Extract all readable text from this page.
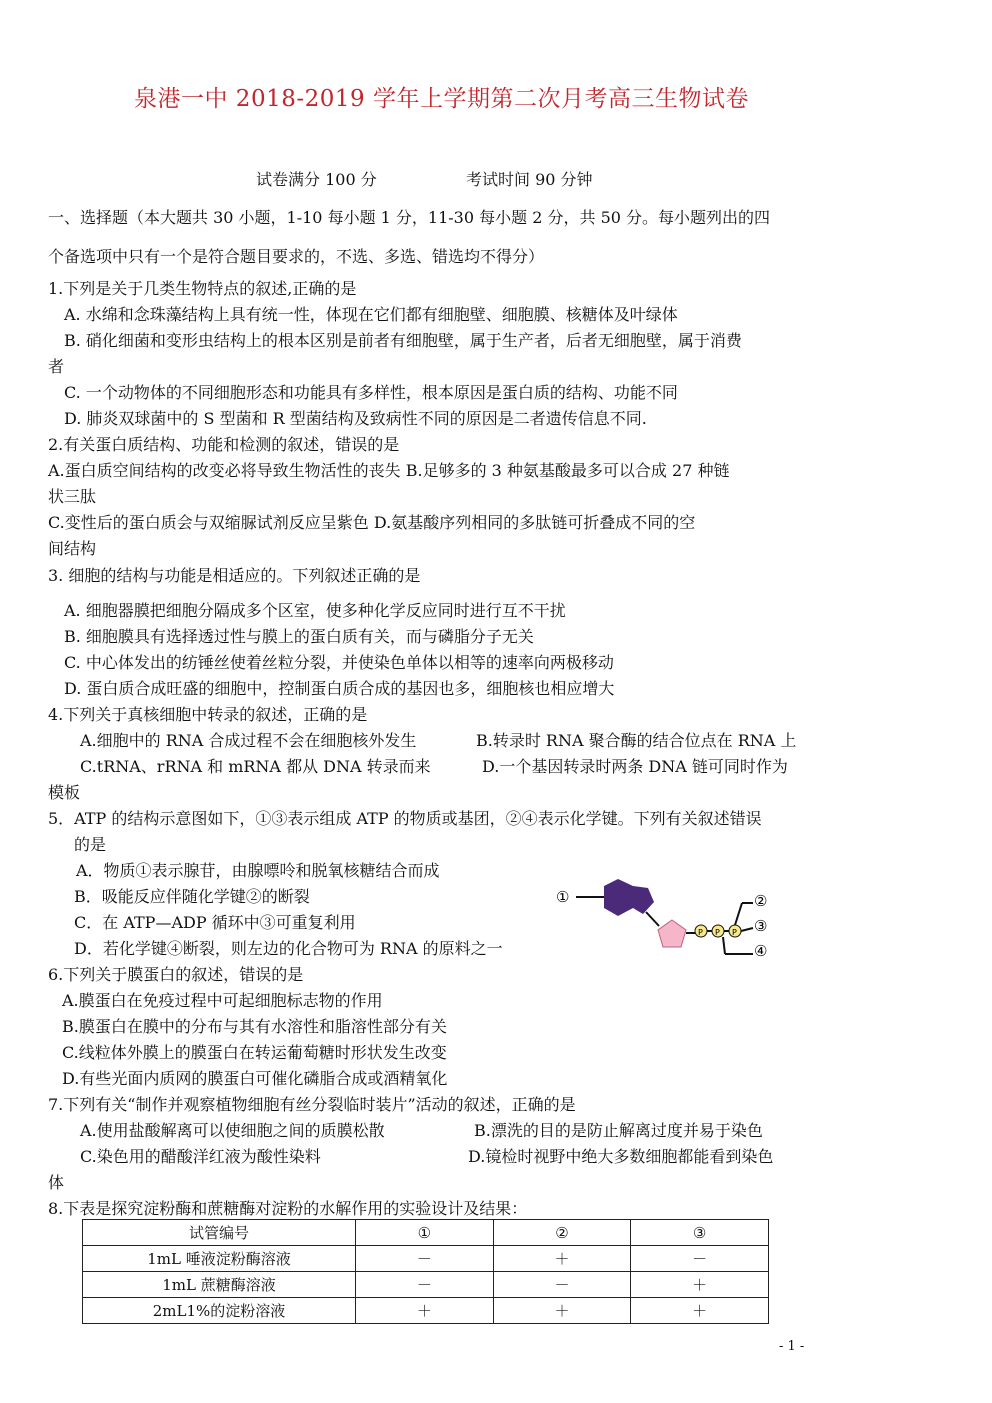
泉港一中 2018-2019 学年上学期第二次月考高三生物试卷
试卷满分 100 分	考试时间 90 分钟
一、选择题（本大题共 30 小题，1-10 每小题 1 分，11-30 每小题 2 分，共 50 分。每小题列出的四
个备选项中只有一个是符合题目要求的，不选、多选、错选均不得分）
1.下列是关于几类生物特点的叙述,正确的是
A. 水绵和念珠藻结构上具有统一性，体现在它们都有细胞壁、细胞膜、核糖体及叶绿体
B. 硝化细菌和变形虫结构上的根本区别是前者有细胞壁，属于生产者，后者无细胞壁，属于消费
者
C. 一个动物体的不同细胞形态和功能具有多样性，根本原因是蛋白质的结构、功能不同
D. 肺炎双球菌中的 S 型菌和 R 型菌结构及致病性不同的原因是二者遗传信息不同.
2.有关蛋白质结构、功能和检测的叙述，错误的是
A.蛋白质空间结构的改变必将导致生物活性的丧失 B.足够多的 3 种氨基酸最多可以合成 27 种链
状三肽
C.变性后的蛋白质会与双缩脲试剂反应呈紫色 D.氨基酸序列相同的多肽链可折叠成不同的空
间结构
3. 细胞的结构与功能是相适应的。下列叙述正确的是
A. 细胞器膜把细胞分隔成多个区室，使多种化学反应同时进行互不干扰
B. 细胞膜具有选择透过性与膜上的蛋白质有关，而与磷脂分子无关
C. 中心体发出的纺锤丝使着丝粒分裂，并使染色单体以相等的速率向两极移动
D. 蛋白质合成旺盛的细胞中，控制蛋白质合成的基因也多，细胞核也相应增大
4.下列关于真核细胞中转录的叙述，正确的是
A.细胞中的 RNA 合成过程不会在细胞核外发生	B.转录时 RNA 聚合酶的结合位点在 RNA 上
C.tRNA、rRNA 和 mRNA 都从 DNA 转录而来	D.一个基因转录时两条 DNA 链可同时作为
模板
5．ATP 的结构示意图如下，①③表示组成 ATP 的物质或基团，②④表示化学键。下列有关叙述错误
的是
A．物质①表示腺苷，由腺嘌呤和脱氧核糖结合而成
B．吸能反应伴随化学键②的断裂
C．在 ATP—ADP 循环中③可重复利用
D．若化学键④断裂，则左边的化合物可为 RNA 的原料之一
①
P P P
②
③
④
6.下列关于膜蛋白的叙述，错误的是
A.膜蛋白在免疫过程中可起细胞标志物的作用
B.膜蛋白在膜中的分布与其有水溶性和脂溶性部分有关
C.线粒体外膜上的膜蛋白在转运葡萄糖时形状发生改变
D.有些光面内质网的膜蛋白可催化磷脂合成或酒精氧化
7.下列有关“制作并观察植物细胞有丝分裂临时装片”活动的叙述，正确的是
A.使用盐酸解离可以使细胞之间的质膜松散	B.漂洗的目的是防止解离过度并易于染色
C.染色用的醋酸洋红液为酸性染料	D.镜检时视野中绝大多数细胞都能看到染色
体
8.下表是探究淀粉酶和蔗糖酶对淀粉的水解作用的实验设计及结果：
试管编号	①	②	③
1mL 唾液淀粉酶溶液	－	＋	－
1mL 蔗糖酶溶液	－	－	＋
2mL1%的淀粉溶液	＋	＋	＋
- 1 -
